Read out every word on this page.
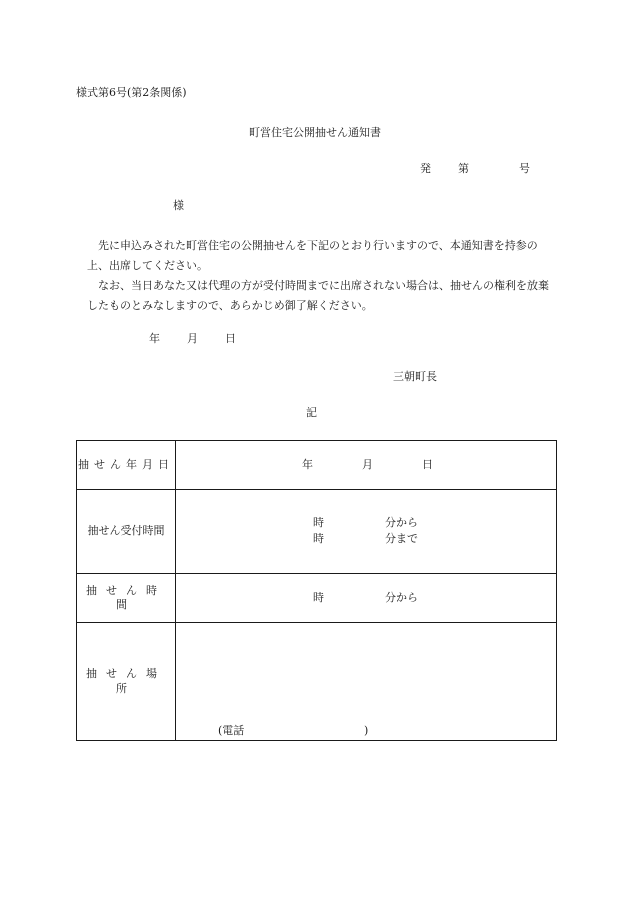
様式第6号(第2条関係)
町営住宅公開抽せん通知書
発 第	号
様

先に申込みされた町営住宅の公開抽せんを下記のとおり行いますので、本通知書を持参の上、出席してください。

なお、当日あなた又は代理の方が受付時間までに出席されない場合は、抽せんの権利を放棄したものとみなしますので、あらかじめ御了解ください。

年 月 日
三朝町長
記
抽せん年月日	年 月 日

抽せん受付時間	時 分から
時 分まで

抽せん時間	時 分から

抽せん場所	(電話 )
